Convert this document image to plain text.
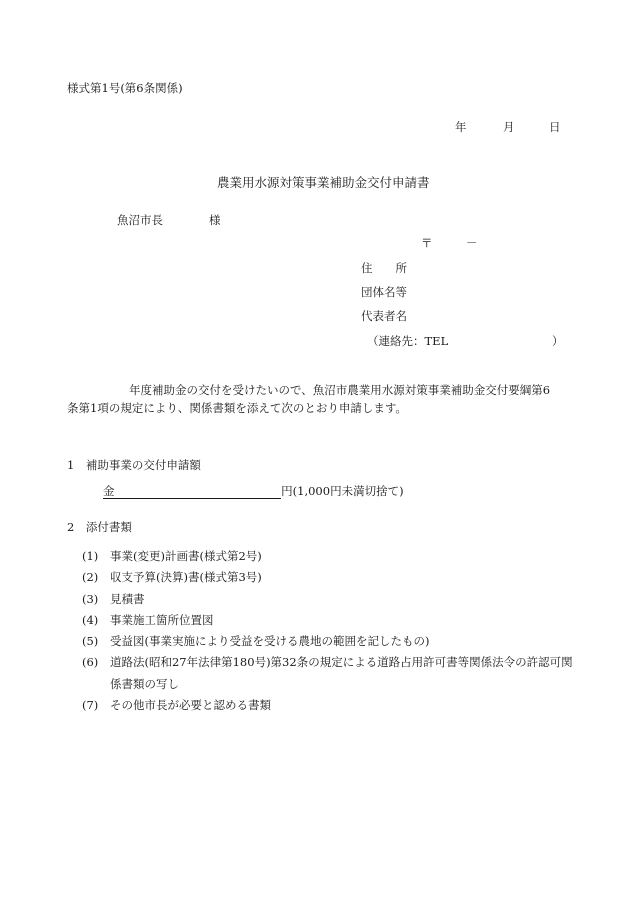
様式第1号(第6条関係)
年	月	日
農業用水源対策事業補助金交付申請書
魚沼市長	様
〒	－
住　　所
団体名等
代表者名
（連絡先：TEL	）
年度補助金の交付を受けたいので、魚沼市農業用水源対策事業補助金交付要綱第6
条第1項の規定により、関係書類を添えて次のとおり申請します。
1　補助事業の交付申請額
金	円(1,000円未満切捨て)
2　添付書類
(1)	事業(変更)計画書(様式第2号)
(2)	収支予算(決算)書(様式第3号)
(3)	見積書
(4)	事業施工箇所位置図
(5)	受益図(事業実施により受益を受ける農地の範囲を記したもの)
(6)	道路法(昭和27年法律第180号)第32条の規定による道路占用許可書等関係法令の許認可関係書類の写し
(7)	その他市長が必要と認める書類
